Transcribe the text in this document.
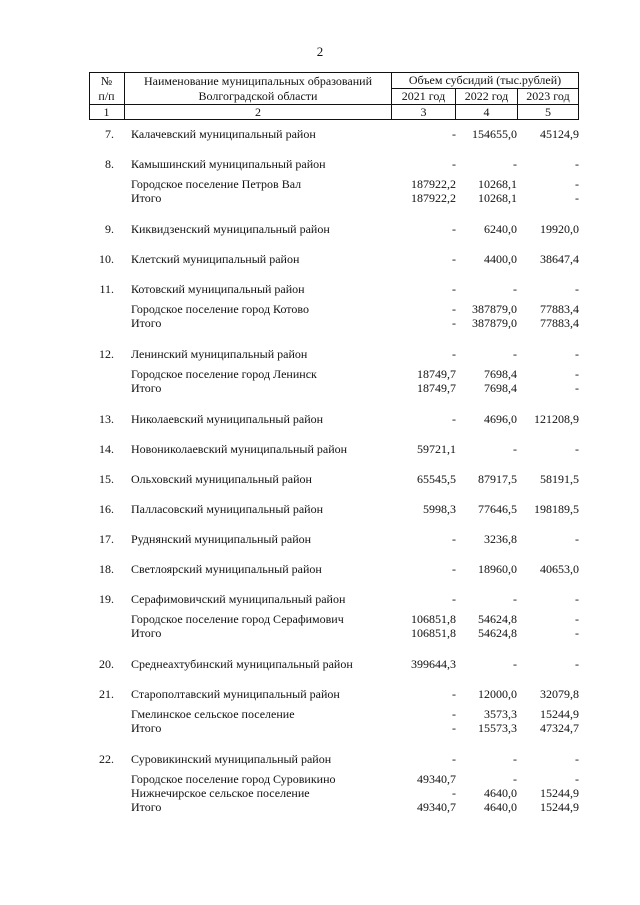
2
№
п/п
Наименование муниципальных образований
Волгоградской области
Объем субсидий (тыс.рублей)
2021 год	2022 год	2023 год
1	2	3	4	5
7. Калачевский муниципальный район	-	154655,0	45124,9
8. Камышинский муниципальный район	-	-	-
Городское поселение Петров Вал	187922,2	10268,1	-
Итого	187922,2	10268,1	-
9. Киквидзенский муниципальный район	-	6240,0	19920,0
10. Клетский муниципальный район	-	4400,0	38647,4
11. Котовский муниципальный район	-	-	-
Городское поселение город Котово	-	387879,0	77883,4
Итого	-	387879,0	77883,4
12. Ленинский муниципальный район	-	-	-
Городское поселение город Ленинск	18749,7	7698,4	-
Итого	18749,7	7698,4	-
13. Николаевский муниципальный район	-	4696,0	121208,9
14. Новониколаевский муниципальный район	59721,1	-	-
15. Ольховский муниципальный район	65545,5	87917,5	58191,5
16. Палласовский муниципальный район	5998,3	77646,5	198189,5
17. Руднянский муниципальный район	-	3236,8	-
18. Светлоярский муниципальный район	-	18960,0	40653,0
19. Серафимовичский муниципальный район	-	-	-
Городское поселение город Серафимович	106851,8	54624,8	-
Итого	106851,8	54624,8	-
20. Среднеахтубинский муниципальный район	399644,3	-	-
21. Старополтавский муниципальный район	-	12000,0	32079,8
Гмелинское сельское поселение	-	3573,3	15244,9
Итого	-	15573,3	47324,7
22. Суровикинский муниципальный район	-	-	-
Городское поселение город Суровикино	49340,7	-	-
Нижнечирское сельское поселение	-	4640,0	15244,9
Итого	49340,7	4640,0	15244,9
